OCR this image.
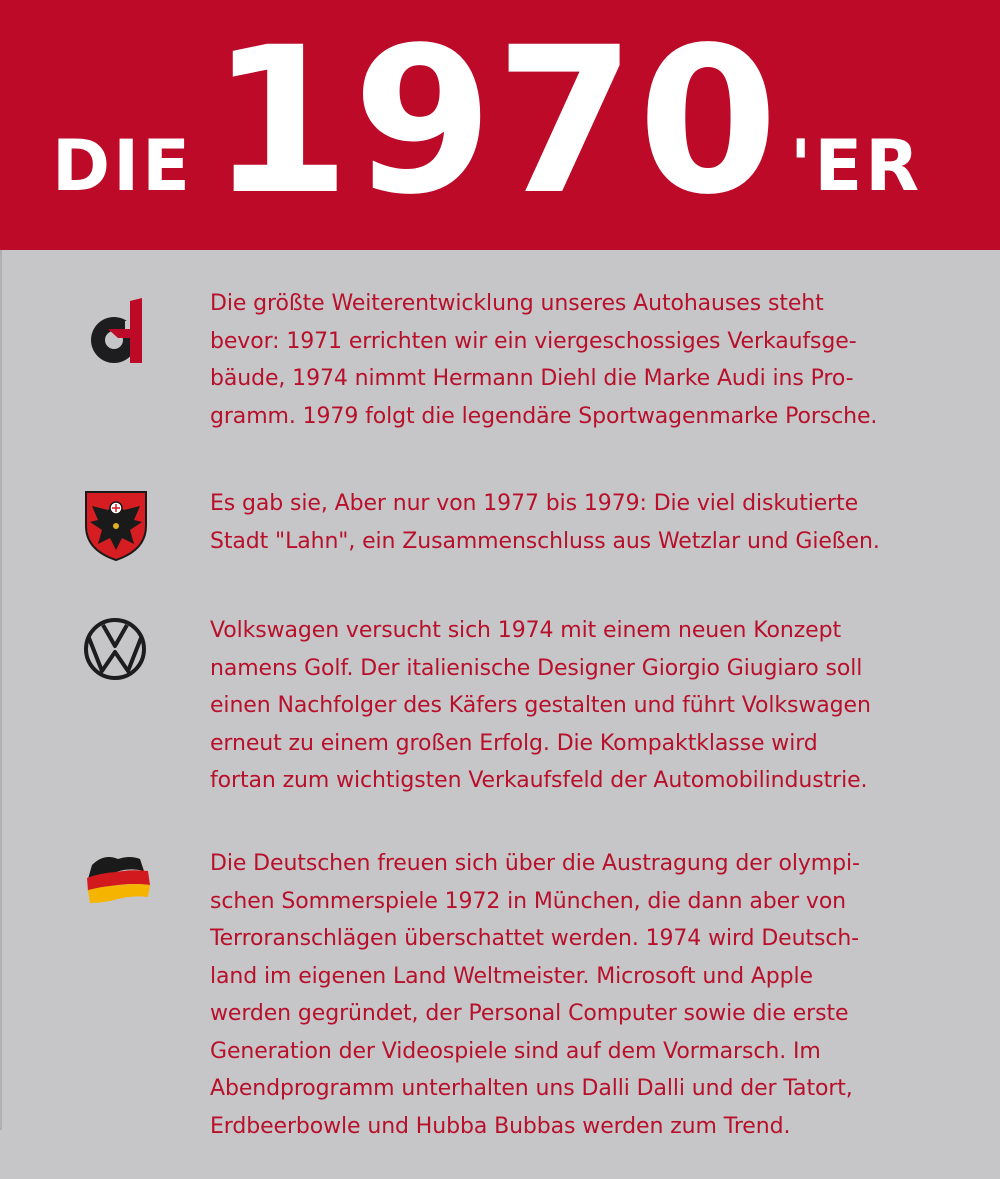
DIE 1970 'ER

Die größte Weiterentwicklung unseres Autohauses steht
bevor: 1971 errichten wir ein viergeschossiges Verkaufsge-
bäude, 1974 nimmt Hermann Diehl die Marke Audi ins Pro-
gramm. 1979 folgt die legendäre Sportwagenmarke Porsche.

Es gab sie, Aber nur von 1977 bis 1979: Die viel diskutierte
Stadt "Lahn", ein Zusammenschluss aus Wetzlar und Gießen.

Volkswagen versucht sich 1974 mit einem neuen Konzept
namens Golf. Der italienische Designer Giorgio Giugiaro soll
einen Nachfolger des Käfers gestalten und führt Volkswagen
erneut zu einem großen Erfolg. Die Kompaktklasse wird
fortan zum wichtigsten Verkaufsfeld der Automobilindustrie.

Die Deutschen freuen sich über die Austragung der olympi-
schen Sommerspiele 1972 in München, die dann aber von
Terroranschlägen überschattet werden. 1974 wird Deutsch-
land im eigenen Land Weltmeister. Microsoft und Apple
werden gegründet, der Personal Computer sowie die erste
Generation der Videospiele sind auf dem Vormarsch. Im
Abendprogramm unterhalten uns Dalli Dalli und der Tatort,
Erdbeerbowle und Hubba Bubbas werden zum Trend.
